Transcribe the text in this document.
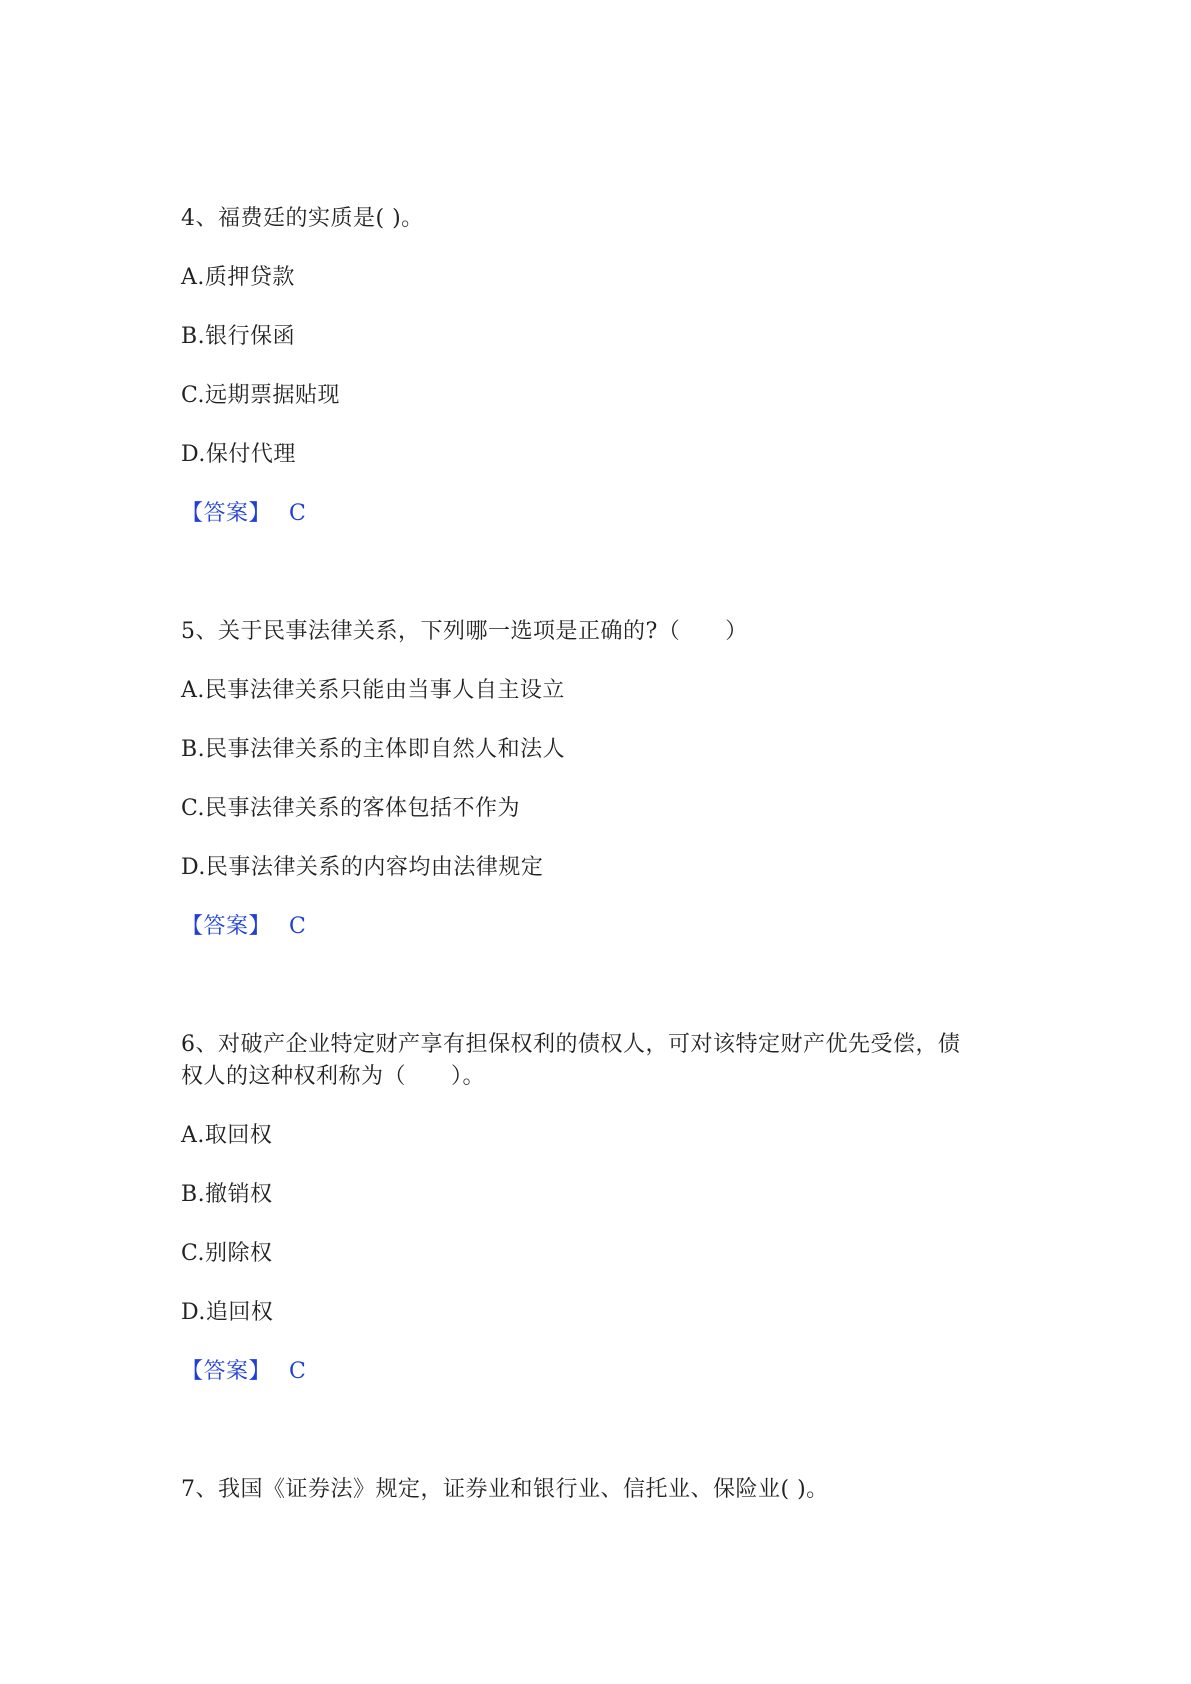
4、福费廷的实质是( )。
A.质押贷款
B.银行保函
C.远期票据贴现
D.保付代理
【答案】 C
5、关于民事法律关系，下列哪一选项是正确的?（　　）
A.民事法律关系只能由当事人自主设立
B.民事法律关系的主体即自然人和法人
C.民事法律关系的客体包括不作为
D.民事法律关系的内容均由法律规定
【答案】 C
6、对破产企业特定财产享有担保权利的债权人，可对该特定财产优先受偿，债
权人的这种权利称为（　　）。
A.取回权
B.撤销权
C.别除权
D.追回权
【答案】 C
7、我国《证券法》规定，证券业和银行业、信托业、保险业( )。
